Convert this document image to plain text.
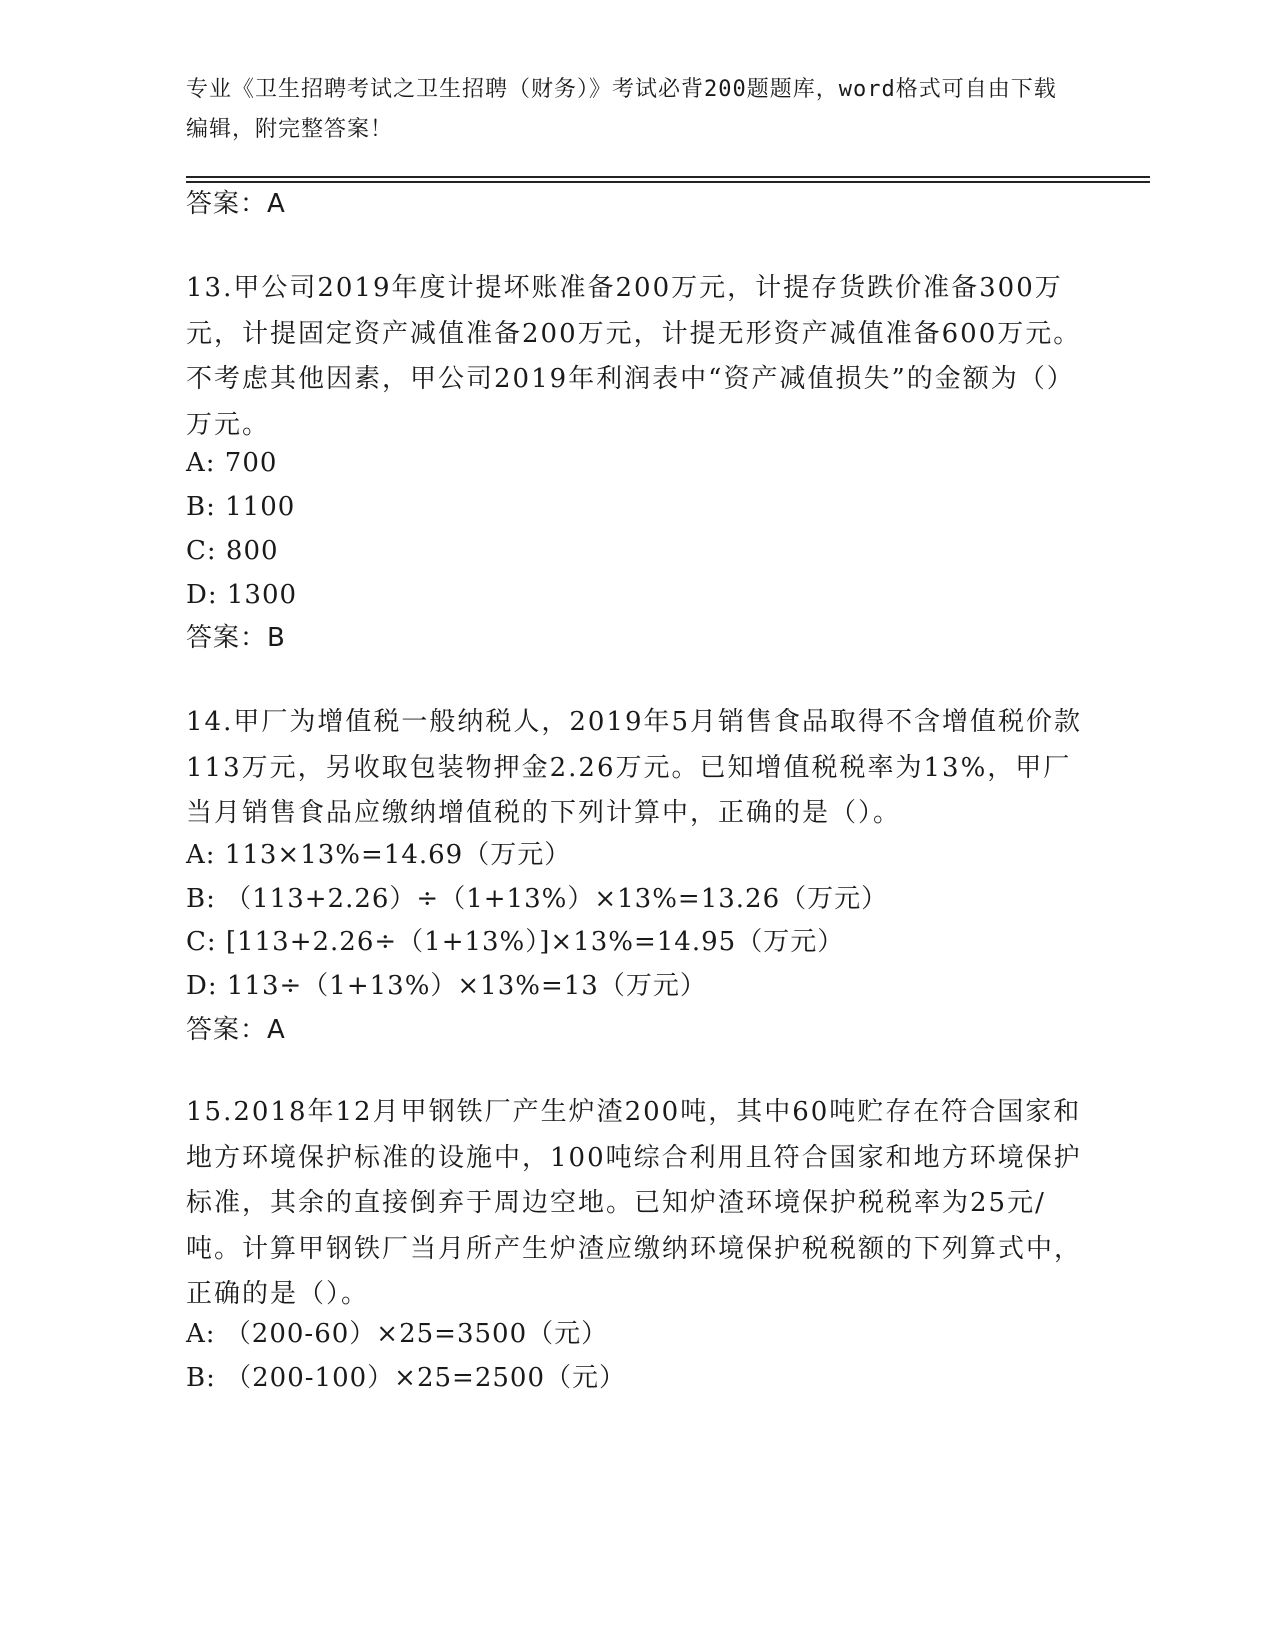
专业《卫生招聘考试之卫生招聘（财务）》考试必背200题题库，word格式可自由下载编辑，附完整答案！
答案：A
13.甲公司2019年度计提坏账准备200万元，计提存货跌价准备300万元，计提固定资产减值准备200万元，计提无形资产减值准备600万元。不考虑其他因素，甲公司2019年利润表中“资产减值损失”的金额为（）万元。
A: 700
B: 1100
C: 800
D: 1300
答案：B
14.甲厂为增值税一般纳税人，2019年5月销售食品取得不含增值税价款113万元，另收取包装物押金2.26万元。已知增值税税率为13%，甲厂当月销售食品应缴纳增值税的下列计算中，正确的是（）。
A: 113×13%=14.69（万元）
B: （113+2.26）÷（1+13%）×13%=13.26（万元）
C: [113+2.26÷（1+13%）]×13%=14.95（万元）
D: 113÷（1+13%）×13%=13（万元）
答案：A
15.2018年12月甲钢铁厂产生炉渣200吨，其中60吨贮存在符合国家和地方环境保护标准的设施中，100吨综合利用且符合国家和地方环境保护标准，其余的直接倒弃于周边空地。已知炉渣环境保护税税率为25元/吨。计算甲钢铁厂当月所产生炉渣应缴纳环境保护税税额的下列算式中，正确的是（）。
A: （200-60）×25=3500（元）
B: （200-100）×25=2500（元）
